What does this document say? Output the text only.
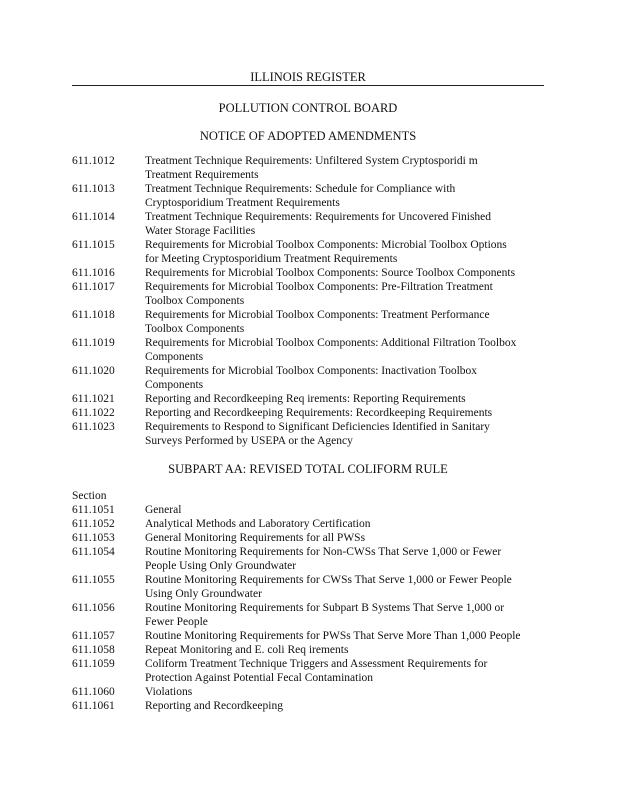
ILLINOIS REGISTER
POLLUTION CONTROL BOARD
NOTICE OF ADOPTED AMENDMENTS
611.1012	Treatment Technique Requirements: Unfiltered System Cryptosporidi m
Treatment Requirements
611.1013	Treatment Technique Requirements: Schedule for Compliance with
Cryptosporidium Treatment Requirements
611.1014	Treatment Technique Requirements: Requirements for Uncovered Finished
Water Storage Facilities
611.1015	Requirements for Microbial Toolbox Components: Microbial Toolbox Options
for Meeting Cryptosporidium Treatment Requirements
611.1016	Requirements for Microbial Toolbox Components: Source Toolbox Components
611.1017	Requirements for Microbial Toolbox Components: Pre-Filtration Treatment
Toolbox Components
611.1018	Requirements for Microbial Toolbox Components: Treatment Performance
Toolbox Components
611.1019	Requirements for Microbial Toolbox Components: Additional Filtration Toolbox
Components
611.1020	Requirements for Microbial Toolbox Components: Inactivation Toolbox
Components
611.1021	Reporting and Recordkeeping Req irements: Reporting Requirements
611.1022	Reporting and Recordkeeping Requirements: Recordkeeping Requirements
611.1023	Requirements to Respond to Significant Deficiencies Identified in Sanitary
Surveys Performed by USEPA or the Agency
SUBPART AA: REVISED TOTAL COLIFORM RULE
Section
611.1051	General
611.1052	Analytical Methods and Laboratory Certification
611.1053	General Monitoring Requirements for all PWSs
611.1054	Routine Monitoring Requirements for Non-CWSs That Serve 1,000 or Fewer
People Using Only Groundwater
611.1055	Routine Monitoring Requirements for CWSs That Serve 1,000 or Fewer People
Using Only Groundwater
611.1056	Routine Monitoring Requirements for Subpart B Systems That Serve 1,000 or
Fewer People
611.1057	Routine Monitoring Requirements for PWSs That Serve More Than 1,000 People
611.1058	Repeat Monitoring and E. coli Req irements
611.1059	Coliform Treatment Technique Triggers and Assessment Requirements for
Protection Against Potential Fecal Contamination
611.1060	Violations
611.1061	Reporting and Recordkeeping
